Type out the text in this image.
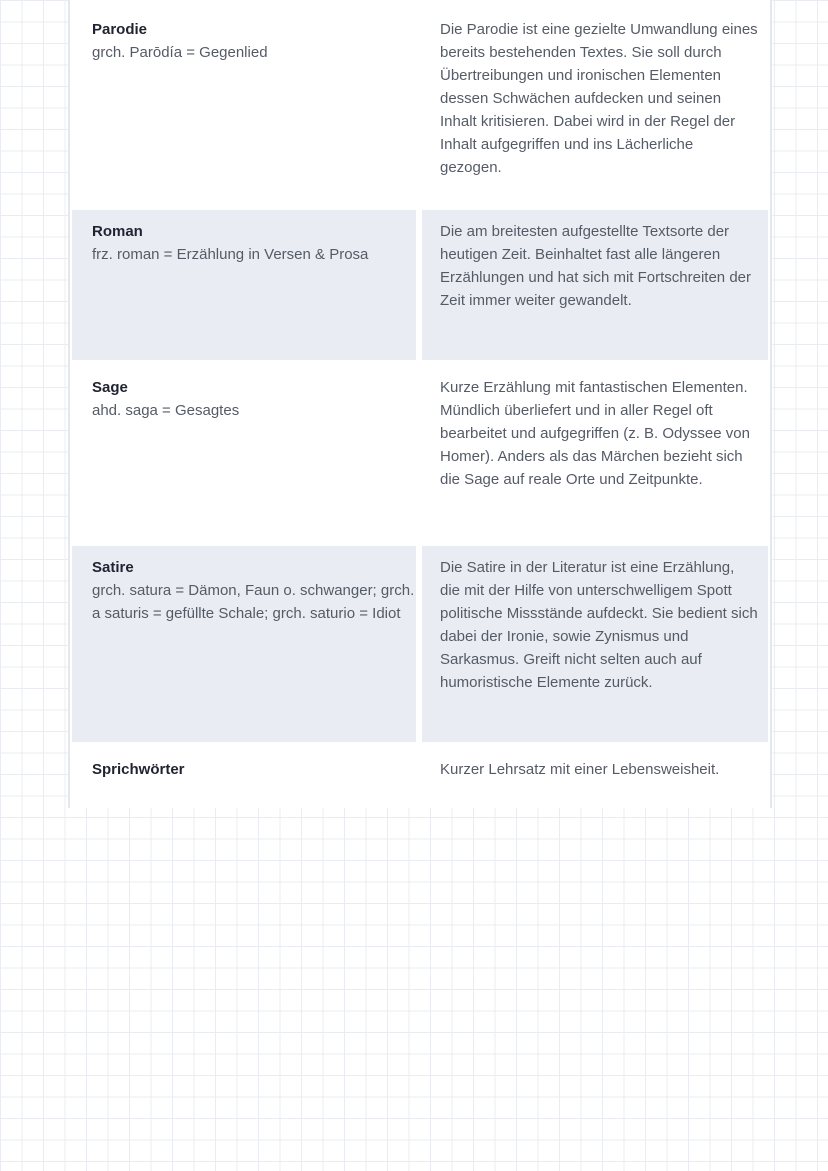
Parodie
grch. Parōdía = Gegenlied
Die Parodie ist eine gezielte Umwandlung eines bereits bestehenden Textes. Sie soll durch Übertreibungen und ironischen Elementen dessen Schwächen aufdecken und seinen Inhalt kritisieren. Dabei wird in der Regel der Inhalt aufgegriffen und ins Lächerliche gezogen.
Roman
frz. roman = Erzählung in Versen & Prosa
Die am breitesten aufgestellte Textsorte der heutigen Zeit. Beinhaltet fast alle längeren Erzählungen und hat sich mit Fortschreiten der Zeit immer weiter gewandelt.
Sage
ahd. saga = Gesagtes
Kurze Erzählung mit fantastischen Elementen. Mündlich überliefert und in aller Regel oft bearbeitet und aufgegriffen (z. B. Odyssee von Homer). Anders als das Märchen bezieht sich die Sage auf reale Orte und Zeitpunkte.
Satire
grch. satura = Dämon, Faun o. schwanger; grch. a saturis = gefüllte Schale; grch. saturio = Idiot
Die Satire in der Literatur ist eine Erzählung, die mit der Hilfe von unterschwelligem Spott politische Missstände aufdeckt. Sie bedient sich dabei der Ironie, sowie Zynismus und Sarkasmus. Greift nicht selten auch auf humoristische Elemente zurück.
Sprichwörter	Kurzer Lehrsatz mit einer Lebensweisheit.
